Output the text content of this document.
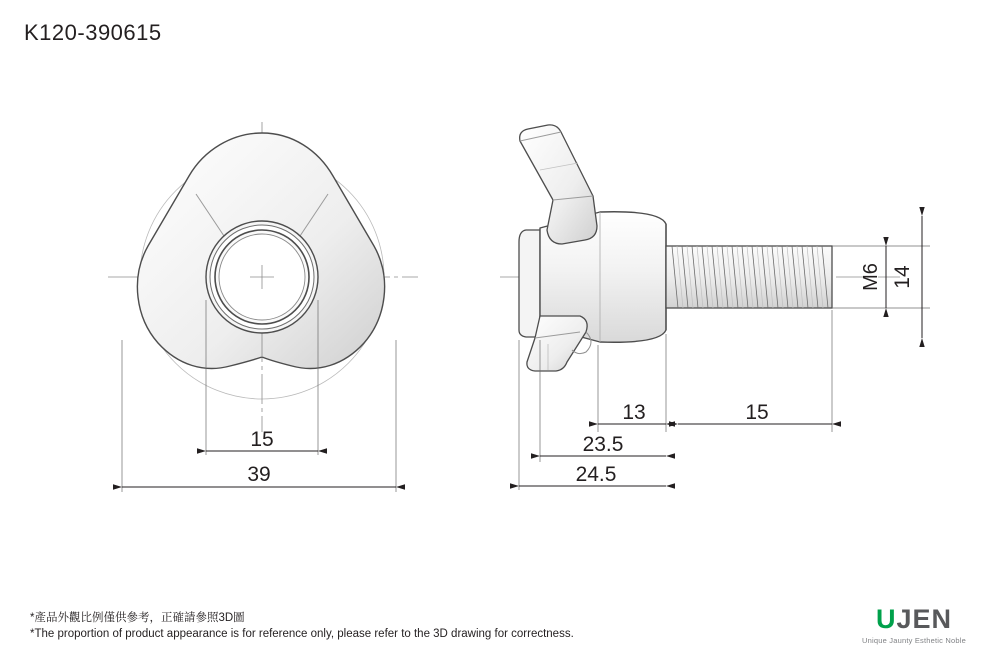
K120-390615
15
39
M6 14
13	15
23.5
24.5
*產品外觀比例僅供參考，正確請參照3D圖
*The proportion of product appearance is for reference only, please refer to the 3D drawing for correctness.	UJEN
Unique Jaunty Esthetic Noble
